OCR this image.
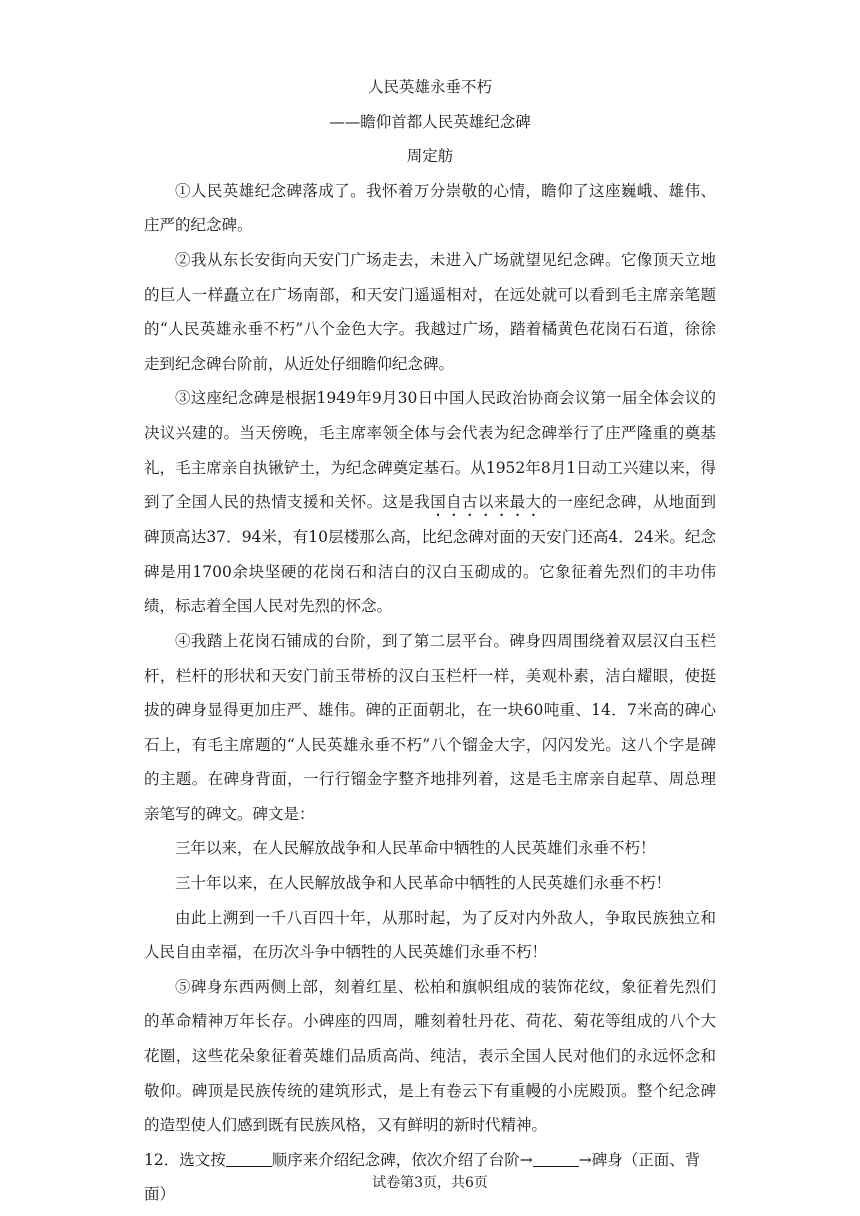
人民英雄永垂不朽

——瞻仰首都人民英雄纪念碑

周定舫

①人民英雄纪念碑落成了。我怀着万分崇敬的心情，瞻仰了这座巍峨、雄伟、庄严的纪念碑。

②我从东长安街向天安门广场走去，未进入广场就望见纪念碑。它像顶天立地的巨人一样矗立在广场南部，和天安门遥遥相对，在远处就可以看到毛主席亲笔题的“人民英雄永垂不朽”八个金色大字。我越过广场，踏着橘黄色花岗石石道，徐徐走到纪念碑台阶前，从近处仔细瞻仰纪念碑。

③这座纪念碑是根据1949年9月30日中国人民政治协商会议第一届全体会议的决议兴建的。当天傍晚，毛主席率领全体与会代表为纪念碑举行了庄严隆重的奠基礼，毛主席亲自执锹铲土，为纪念碑奠定基石。从1952年8月1日动工兴建以来，得到了全国人民的热情支援和关怀。这是我国自古以来最大的一座纪念碑，从地面到碑顶高达37．94米，有10层楼那么高，比纪念碑对面的天安门还高4．24米。纪念碑是用1700余块坚硬的花岗石和洁白的汉白玉砌成的。它象征着先烈们的丰功伟绩，标志着全国人民对先烈的怀念。

④我踏上花岗石铺成的台阶，到了第二层平台。碑身四周围绕着双层汉白玉栏杆，栏杆的形状和天安门前玉带桥的汉白玉栏杆一样，美观朴素，洁白耀眼，使挺拔的碑身显得更加庄严、雄伟。碑的正面朝北，在一块60吨重、14．7米高的碑心石上，有毛主席题的“人民英雄永垂不朽”八个镏金大字，闪闪发光。这八个字是碑的主题。在碑身背面，一行行镏金字整齐地排列着，这是毛主席亲自起草、周总理亲笔写的碑文。碑文是：

三年以来，在人民解放战争和人民革命中牺牲的人民英雄们永垂不朽！

三十年以来，在人民解放战争和人民革命中牺牲的人民英雄们永垂不朽！

由此上溯到一千八百四十年，从那时起，为了反对内外敌人，争取民族独立和人民自由幸福，在历次斗争中牺牲的人民英雄们永垂不朽！

⑤碑身东西两侧上部，刻着红星、松柏和旗帜组成的装饰花纹，象征着先烈们的革命精神万年长存。小碑座的四周，雕刻着牡丹花、荷花、菊花等组成的八个大花圈，这些花朵象征着英雄们品质高尚、纯洁，表示全国人民对他们的永远怀念和敬仰。碑顶是民族传统的建筑形式，是上有卷云下有重幔的小庑殿顶。整个纪念碑的造型使人们感到既有民族风格，又有鲜明的新时代精神。

12．选文按	顺序来介绍纪念碑，依次介绍了台阶→	→碑身（正面、背面）

试卷第3页，共6页
